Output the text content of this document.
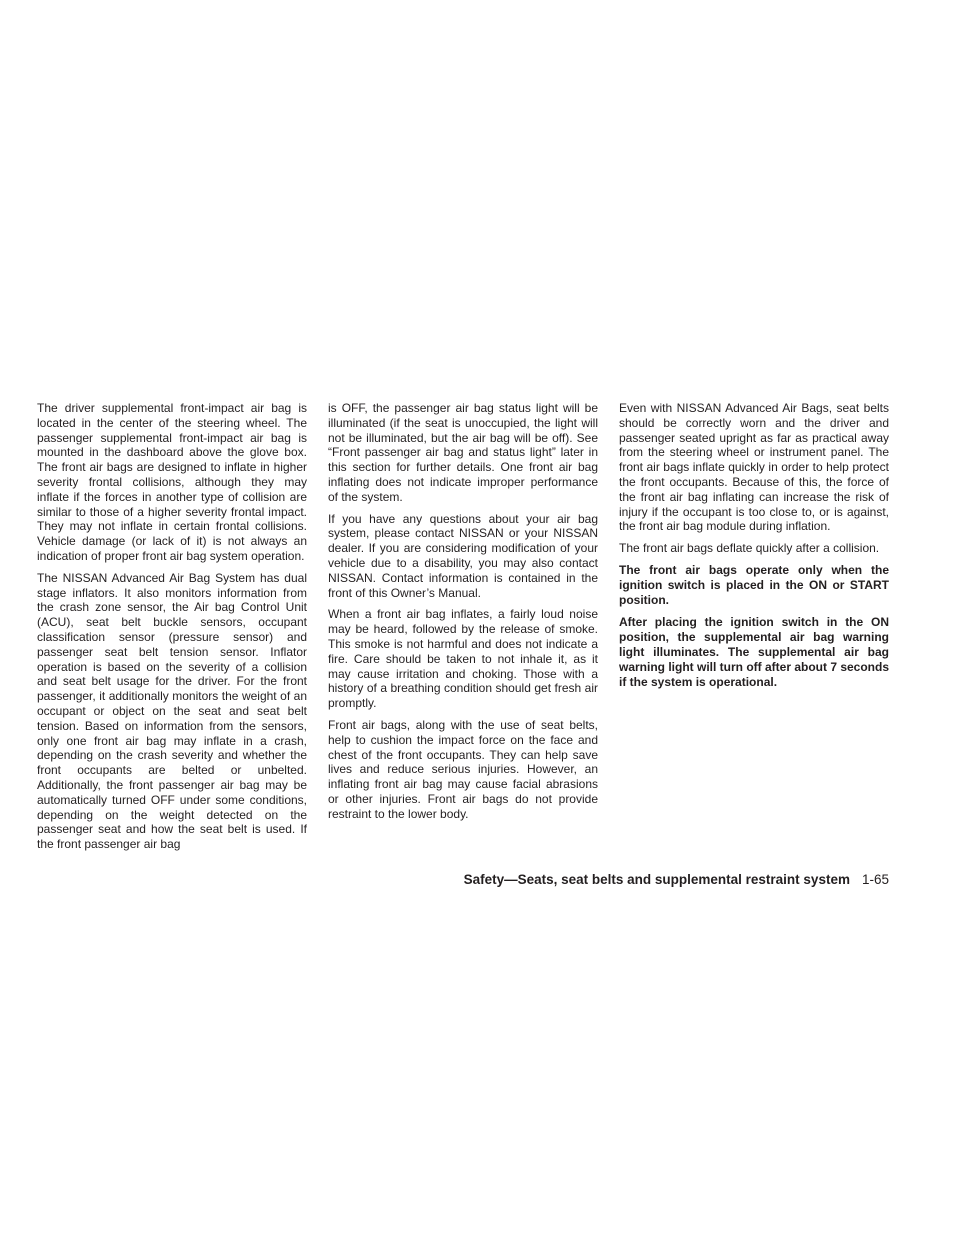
The driver supplemental front-impact air bag is located in the center of the steering wheel. The passenger supplemental front-impact air bag is mounted in the dashboard above the glove box. The front air bags are designed to inflate in higher severity frontal collisions, although they may inflate if the forces in another type of collision are similar to those of a higher severity frontal impact. They may not inflate in certain frontal collisions. Vehicle damage (or lack of it) is not always an indication of proper front air bag system operation.

The NISSAN Advanced Air Bag System has dual stage inflators. It also monitors information from the crash zone sensor, the Air bag Control Unit (ACU), seat belt buckle sensors, occupant classification sensor (pressure sensor) and passenger seat belt tension sensor. Inflator operation is based on the severity of a collision and seat belt usage for the driver. For the front passenger, it additionally monitors the weight of an occupant or object on the seat and seat belt tension. Based on information from the sensors, only one front air bag may inflate in a crash, depending on the crash severity and whether the front occupants are belted or unbelted. Additionally, the front passenger air bag may be automatically turned OFF under some conditions, depending on the weight detected on the passenger seat and how the seat belt is used. If the front passenger air bag

is OFF, the passenger air bag status light will be illuminated (if the seat is unoccupied, the light will not be illuminated, but the air bag will be off). See “Front passenger air bag and status light” later in this section for further details. One front air bag inflating does not indicate improper performance of the system.

If you have any questions about your air bag system, please contact NISSAN or your NISSAN dealer. If you are considering modification of your vehicle due to a disability, you may also contact NISSAN. Contact information is contained in the front of this Owner’s Manual.

When a front air bag inflates, a fairly loud noise may be heard, followed by the release of smoke. This smoke is not harmful and does not indicate a fire. Care should be taken to not inhale it, as it may cause irritation and choking. Those with a history of a breathing condition should get fresh air promptly.

Front air bags, along with the use of seat belts, help to cushion the impact force on the face and chest of the front occupants. They can help save lives and reduce serious injuries. However, an inflating front air bag may cause facial abrasions or other injuries. Front air bags do not provide restraint to the lower body.

Even with NISSAN Advanced Air Bags, seat belts should be correctly worn and the driver and passenger seated upright as far as practical away from the steering wheel or instrument panel. The front air bags inflate quickly in order to help protect the front occupants. Because of this, the force of the front air bag inflating can increase the risk of injury if the occupant is too close to, or is against, the front air bag module during inflation.

The front air bags deflate quickly after a collision.

The front air bags operate only when the ignition switch is placed in the ON or START position.

After placing the ignition switch in the ON position, the supplemental air bag warning light illuminates. The supplemental air bag warning light will turn off after about 7 seconds if the system is operational.

Safety—Seats, seat belts and supplemental restraint system 1-65
